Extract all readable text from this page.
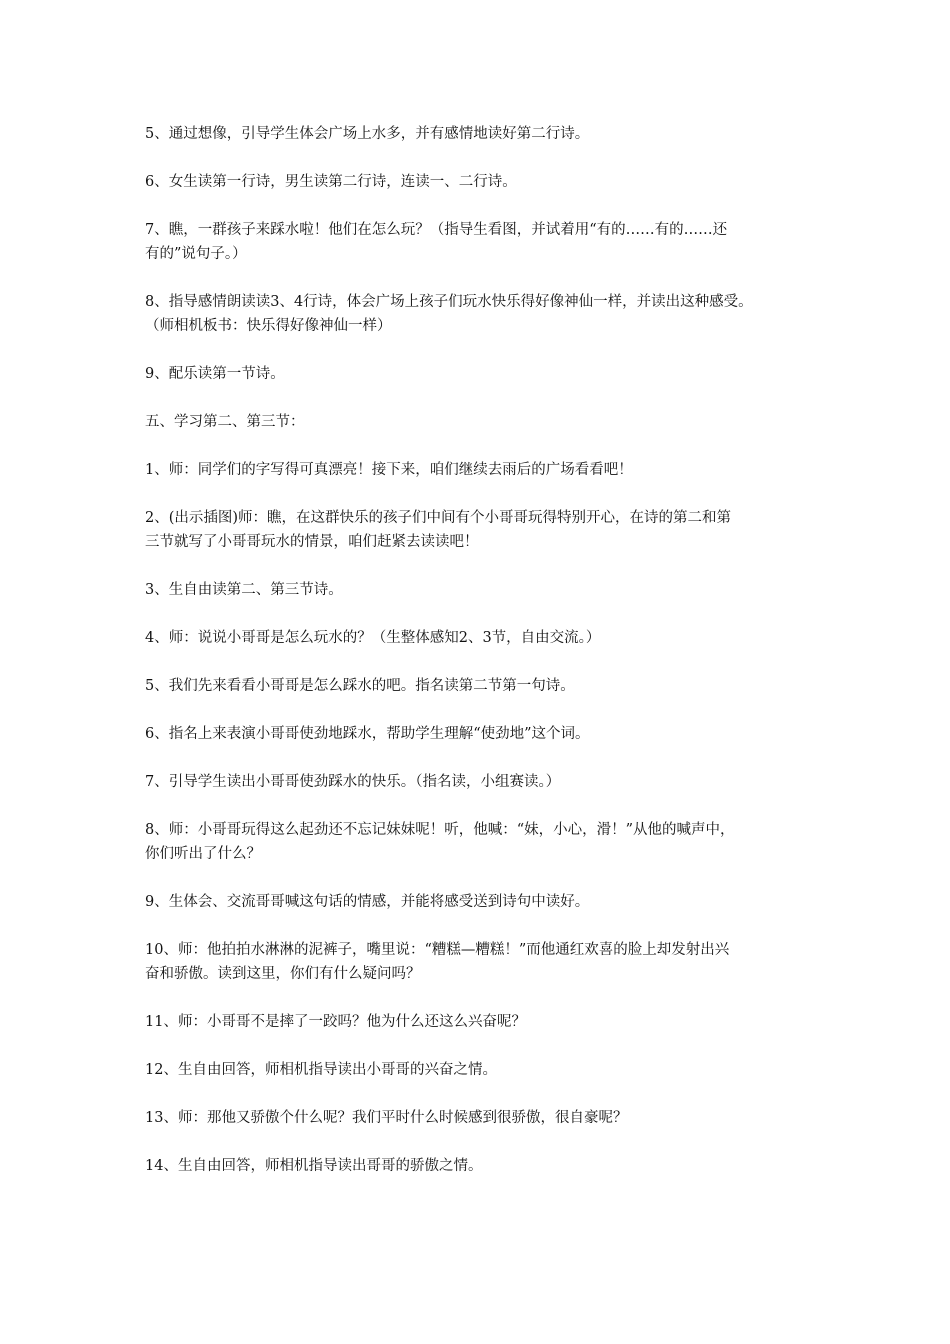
5、通过想像，引导学生体会广场上水多，并有感情地读好第二行诗。

6、女生读第一行诗，男生读第二行诗，连读一、二行诗。

7、瞧，一群孩子来踩水啦！他们在怎么玩？（指导生看图，并试着用“有的……有的……还
有的”说句子。）

8、指导感情朗读读3、4行诗，体会广场上孩子们玩水快乐得好像神仙一样，并读出这种感受。
（师相机板书：快乐得好像神仙一样）

9、配乐读第一节诗。

五、学习第二、第三节：

1、师：同学们的字写得可真漂亮！接下来，咱们继续去雨后的广场看看吧！

2、(出示插图)师：瞧，在这群快乐的孩子们中间有个小哥哥玩得特别开心，在诗的第二和第
三节就写了小哥哥玩水的情景，咱们赶紧去读读吧！

3、生自由读第二、第三节诗。

4、师：说说小哥哥是怎么玩水的？（生整体感知2、3节，自由交流。）

5、我们先来看看小哥哥是怎么踩水的吧。指名读第二节第一句诗。

6、指名上来表演小哥哥使劲地踩水，帮助学生理解“使劲地”这个词。

7、引导学生读出小哥哥使劲踩水的快乐。（指名读，小组赛读。）

8、师：小哥哥玩得这么起劲还不忘记妹妹呢！听，他喊：“妹，小心，滑！”从他的喊声中，
你们听出了什么？

9、生体会、交流哥哥喊这句话的情感，并能将感受送到诗句中读好。

10、师：他拍拍水淋淋的泥裤子，嘴里说：“糟糕—糟糕！”而他通红欢喜的脸上却发射出兴
奋和骄傲。读到这里，你们有什么疑问吗？

11、师：小哥哥不是摔了一跤吗？他为什么还这么兴奋呢？

12、生自由回答，师相机指导读出小哥哥的兴奋之情。

13、师：那他又骄傲个什么呢？我们平时什么时候感到很骄傲，很自豪呢？

14、生自由回答，师相机指导读出哥哥的骄傲之情。
